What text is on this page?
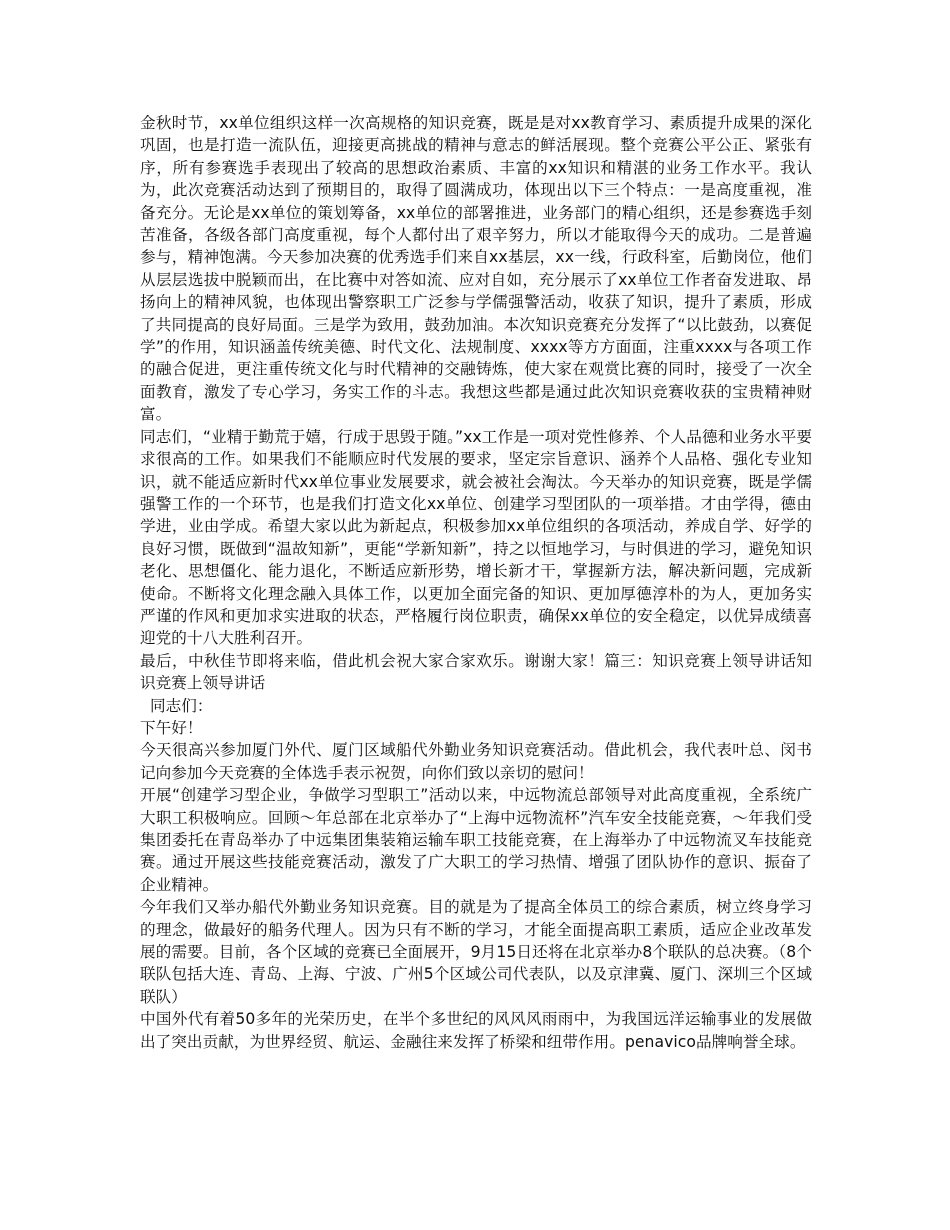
金秋时节，xx单位组织这样一次高规格的知识竞赛，既是是对xx教育学习、素质提升成果的深化巩固，也是打造一流队伍，迎接更高挑战的精神与意志的鲜活展现。整个竞赛公平公正、紧张有序，所有参赛选手表现出了较高的思想政治素质、丰富的xx知识和精湛的业务工作水平。我认为，此次竞赛活动达到了预期目的，取得了圆满成功，体现出以下三个特点：一是高度重视，准备充分。无论是xx单位的策划筹备，xx单位的部署推进，业务部门的精心组织，还是参赛选手刻苦准备，各级各部门高度重视，每个人都付出了艰辛努力，所以才能取得今天的成功。二是普遍参与，精神饱满。今天参加决赛的优秀选手们来自xx基层，xx一线，行政科室，后勤岗位，他们从层层选拔中脱颖而出，在比赛中对答如流、应对自如，充分展示了xx单位工作者奋发进取、昂扬向上的精神风貌，也体现出警察职工广泛参与学儒强警活动，收获了知识，提升了素质，形成了共同提高的良好局面。三是学为致用，鼓劲加油。本次知识竞赛充分发挥了“以比鼓劲，以赛促学”的作用，知识涵盖传统美德、时代文化、法规制度、xxxx等方方面面，注重xxxx与各项工作的融合促进，更注重传统文化与时代精神的交融铸炼，使大家在观赏比赛的同时，接受了一次全面教育，激发了专心学习，务实工作的斗志。我想这些都是通过此次知识竞赛收获的宝贵精神财富。

同志们，“业精于勤荒于嬉，行成于思毁于随。”xx工作是一项对党性修养、个人品德和业务水平要求很高的工作。如果我们不能顺应时代发展的要求，坚定宗旨意识、涵养个人品格、强化专业知识，就不能适应新时代xx单位事业发展要求，就会被社会淘汰。今天举办的知识竞赛，既是学儒强警工作的一个环节，也是我们打造文化xx单位、创建学习型团队的一项举措。才由学得，德由学进，业由学成。希望大家以此为新起点，积极参加xx单位组织的各项活动，养成自学、好学的良好习惯，既做到“温故知新”，更能“学新知新”，持之以恒地学习，与时俱进的学习，避免知识老化、思想僵化、能力退化，不断适应新形势，增长新才干，掌握新方法，解决新问题，完成新使命。不断将文化理念融入具体工作，以更加全面完备的知识、更加厚德淳朴的为人，更加务实严谨的作风和更加求实进取的状态，严格履行岗位职责，确保xx单位的安全稳定，以优异成绩喜迎党的十八大胜利召开。

最后，中秋佳节即将来临，借此机会祝大家合家欢乐。谢谢大家！篇三：知识竞赛上领导讲话知识竞赛上领导讲话

同志们：

下午好！

今天很高兴参加厦门外代、厦门区域船代外勤业务知识竞赛活动。借此机会，我代表叶总、闵书记向参加今天竞赛的全体选手表示祝贺，向你们致以亲切的慰问！

开展“创建学习型企业，争做学习型职工”活动以来，中远物流总部领导对此高度重视，全系统广大职工积极响应。回顾～年总部在北京举办了“上海中远物流杯”汽车安全技能竞赛，～年我们受集团委托在青岛举办了中远集团集装箱运输车职工技能竞赛，在上海举办了中远物流叉车技能竞赛。通过开展这些技能竞赛活动，激发了广大职工的学习热情、增强了团队协作的意识、振奋了企业精神。

今年我们又举办船代外勤业务知识竞赛。目的就是为了提高全体员工的综合素质，树立终身学习的理念，做最好的船务代理人。因为只有不断的学习，才能全面提高职工素质，适应企业改革发展的需要。目前，各个区域的竞赛已全面展开，9月15日还将在北京举办8个联队的总决赛。（8个联队包括大连、青岛、上海、宁波、广州5个区域公司代表队，以及京津冀、厦门、深圳三个区域联队）

中国外代有着50多年的光荣历史，在半个多世纪的风风风雨雨中，为我国远洋运输事业的发展做出了突出贡献，为世界经贸、航运、金融往来发挥了桥梁和纽带作用。penavico品牌响誉全球。
